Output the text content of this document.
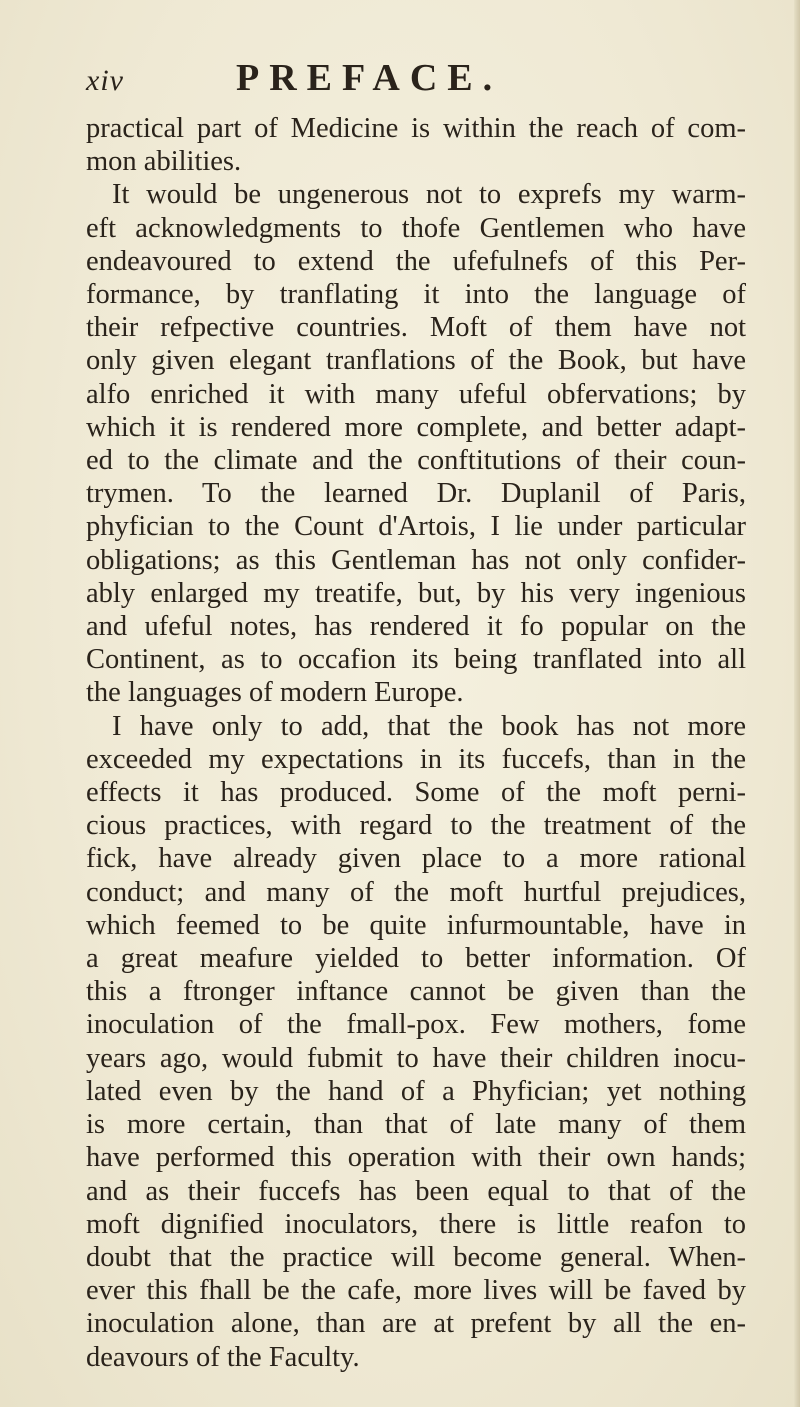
xiv	PREFACE.
practical part of Medicine is within the reach of com-
mon abilities.
It would be ungenerous not to exprefs my warm-
eft acknowledgments to thofe Gentlemen who have
endeavoured to extend the ufefulnefs of this Per-
formance, by tranflating it into the language of
their refpective countries. Moft of them have not
only given elegant tranflations of the Book, but have
alfo enriched it with many ufeful obfervations; by
which it is rendered more complete, and better adapt-
ed to the climate and the conftitutions of their coun-
trymen. To the learned Dr. Duplanil of Paris,
phyfician to the Count d'Artois, I lie under particular
obligations; as this Gentleman has not only confider-
ably enlarged my treatife, but, by his very ingenious
and ufeful notes, has rendered it fo popular on the
Continent, as to occafion its being tranflated into all
the languages of modern Europe.
I have only to add, that the book has not more
exceeded my expectations in its fuccefs, than in the
effects it has produced. Some of the moft perni-
cious practices, with regard to the treatment of the
fick, have already given place to a more rational
conduct; and many of the moft hurtful prejudices,
which feemed to be quite infurmountable, have in
a great meafure yielded to better information. Of
this a ftronger inftance cannot be given than the
inoculation of the fmall-pox. Few mothers, fome
years ago, would fubmit to have their children inocu-
lated even by the hand of a Phyfician; yet nothing
is more certain, than that of late many of them
have performed this operation with their own hands;
and as their fuccefs has been equal to that of the
moft dignified inoculators, there is little reafon to
doubt that the practice will become general. When-
ever this fhall be the cafe, more lives will be faved by
inoculation alone, than are at prefent by all the en-
deavours of the Faculty.
